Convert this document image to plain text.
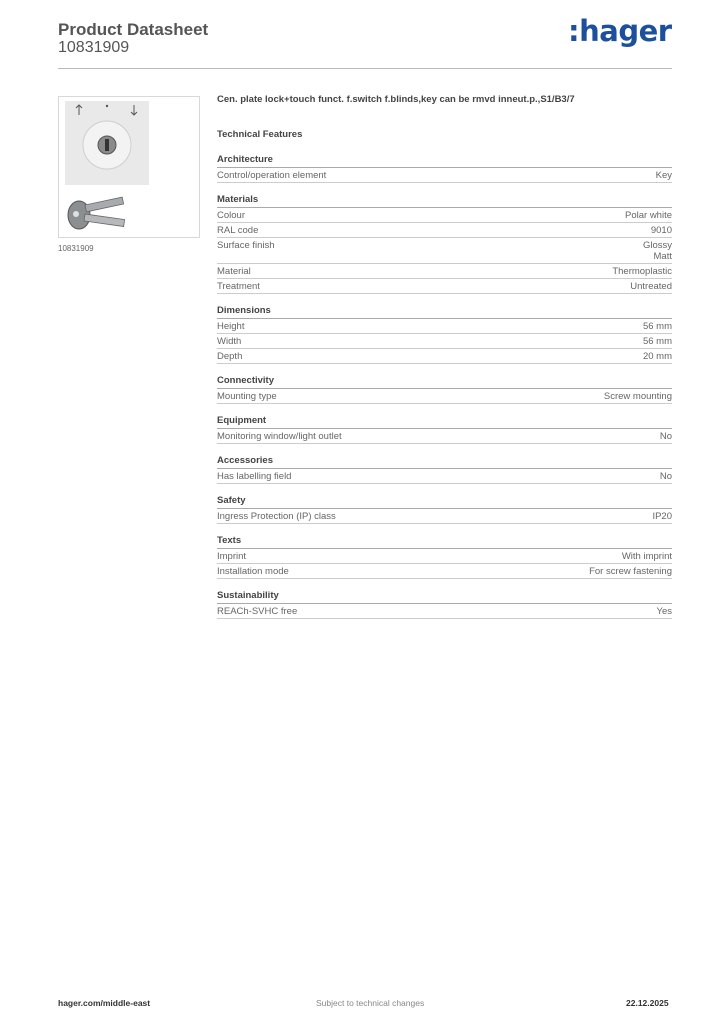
Product Datasheet
10831909	:hager
10831909
Cen. plate lock+touch funct. f.switch f.blinds,key can be rmvd inneut.p.,S1/B3/7
Technical Features
Architecture
Control/operation element	Key
Materials
Colour	Polar white
RAL code	9010
Surface finish	Glossy
Matt
Material	Thermoplastic
Treatment	Untreated
Dimensions
Height	56 mm
Width	56 mm
Depth	20 mm
Connectivity
Mounting type	Screw mounting
Equipment
Monitoring window/light outlet	No
Accessories
Has labelling field	No
Safety
Ingress Protection (IP) class	IP20
Texts
Imprint	With imprint
Installation mode	For screw fastening
Sustainability
REACh-SVHC free	Yes
hager.com/middle-east	Subject to technical changes	22.12.2025
